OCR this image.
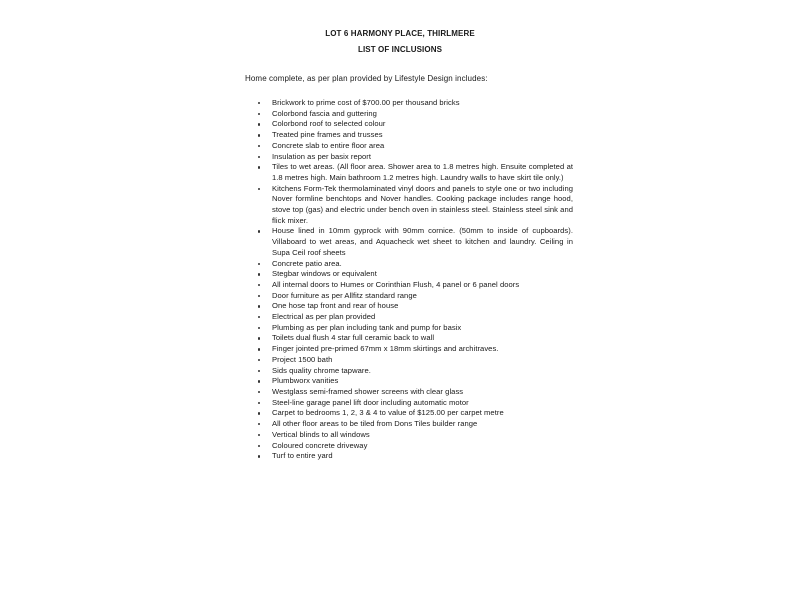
LOT 6 HARMONY PLACE, THIRLMERE
LIST OF INCLUSIONS
Home complete, as per plan provided by Lifestyle Design includes:
Brickwork to prime cost of $700.00 per thousand bricks
Colorbond fascia and guttering
Colorbond roof to selected colour
Treated pine frames and trusses
Concrete slab to entire floor area
Insulation as per basix report
Tiles to wet areas. (All floor area. Shower area to 1.8 metres high. Ensuite completed at 1.8 metres high. Main bathroom 1.2 metres high. Laundry walls to have skirt tile only.)
Kitchens Form-Tek thermolaminated vinyl doors and panels to style one or two including Nover formline benchtops and Nover handles. Cooking package includes range hood, stove top (gas) and electric under bench oven in stainless steel. Stainless steel sink and flick mixer.
House lined in 10mm gyprock with 90mm cornice. (50mm to inside of cupboards). Villaboard to wet areas, and Aquacheck wet sheet to kitchen and laundry. Ceiling in Supa Ceil roof sheets
Concrete patio area.
Stegbar windows or equivalent
All internal doors to Humes or Corinthian Flush, 4 panel or 6 panel doors
Door furniture as per Allfitz standard range
One hose tap front and rear of house
Electrical as per plan provided
Plumbing as per plan including tank and pump for basix
Toilets dual flush 4 star full ceramic back to wall
Finger jointed pre-primed 67mm x 18mm skirtings and architraves.
Project 1500 bath
Sids quality chrome tapware.
Plumbworx vanities
Westglass semi-framed shower screens with clear glass
Steel-line garage panel lift door including automatic motor
Carpet to bedrooms 1, 2, 3 & 4 to value of $125.00 per carpet metre
All other floor areas to be tiled from Dons Tiles builder range
Vertical blinds to all windows
Coloured concrete driveway
Turf to entire yard
